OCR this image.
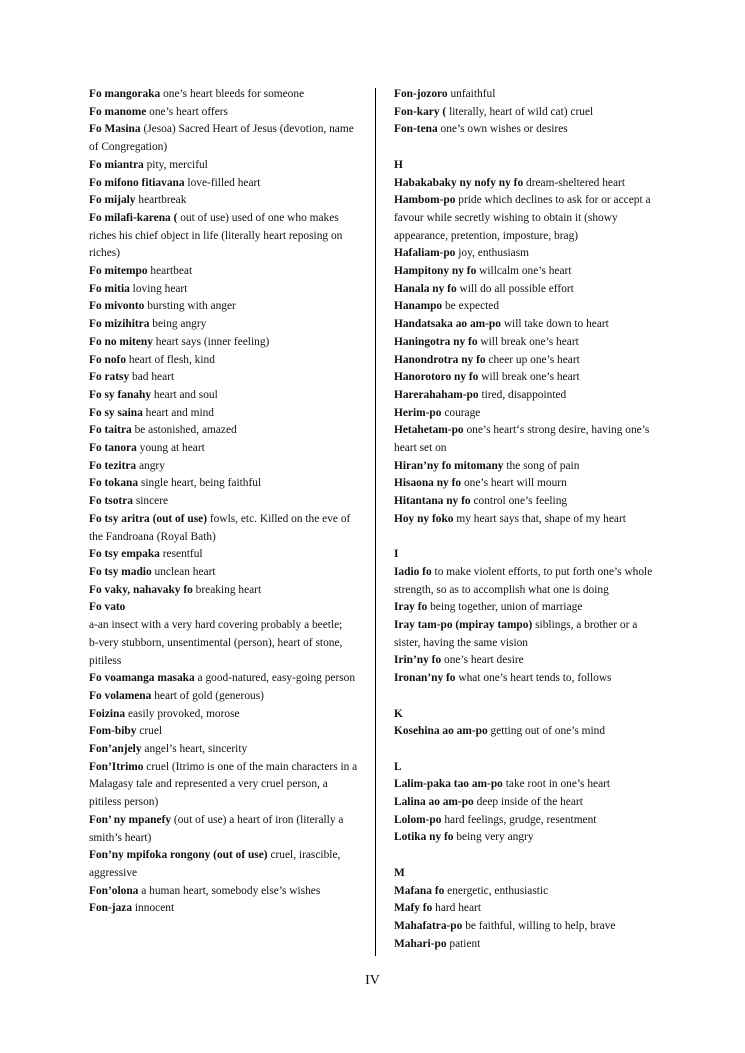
Fo mangoraka one’s heart bleeds for someone

Fo manome one’s heart offers

Fo Masina (Jesoa) Sacred Heart of Jesus (devotion, name of Congregation)

Fo miantra pity, merciful

Fo mifono fitiavana love-filled heart

Fo mijaly heartbreak

Fo milafi-karena ( out of use) used of one who makes riches his chief object in life (literally heart reposing on riches)

Fo mitempo heartbeat

Fo mitia loving heart

Fo mivonto bursting with anger

Fo mizihitra being angry

Fo no miteny heart says (inner feeling)

Fo nofo heart of flesh, kind

Fo ratsy bad heart

Fo sy fanahy heart and soul

Fo sy saina heart and mind

Fo taitra be astonished, amazed

Fo tanora young at heart

Fo tezitra angry

Fo tokana single heart, being faithful

Fo tsotra sincere

Fo tsy aritra (out of use) fowls, etc. Killed on the eve of the Fandroana (Royal Bath)

Fo tsy empaka resentful

Fo tsy madio unclean heart

Fo vaky, nahavaky fo breaking heart

Fo vato

a-an insect with a very hard covering probably a beetle;

b-very stubborn, unsentimental (person), heart of stone, pitiless

Fo voamanga masaka a good-natured, easy-going person

Fo volamena heart of gold (generous)

Foizina easily provoked, morose

Fom-biby cruel

Fon’anjely angel’s heart, sincerity

Fon’Itrimo cruel (Itrimo is one of the main characters in a Malagasy tale and represented a very cruel person, a pitiless person)

Fon’ ny mpanefy (out of use) a heart of iron (literally a smith’s heart)

Fon’ny mpifoka rongony (out of use) cruel, irascible, aggressive

Fon’olona a human heart, somebody else’s wishes

Fon-jaza innocent

Fon-jozoro unfaithful

Fon-kary ( literally, heart of wild cat) cruel

Fon-tena one’s own wishes or desires

H

Habakabaky ny nofy ny fo dream-sheltered heart

Hambom-po pride which declines to ask for or accept a favour while secretly wishing to obtain it (showy appearance, pretention, imposture, brag)

Hafaliam-po joy, enthusiasm

Hampitony ny fo willcalm one’s heart

Hanala ny fo will do all possible effort

Hanampo be expected

Handatsaka ao am-po will take down to heart

Haningotra ny fo will break one’s heart

Hanondrotra ny fo cheer up one’s heart

Hanorotoro ny fo will break one’s heart

Harerahaham-po tired, disappointed

Herim-po courage

Hetahetam-po one’s heart‘s strong desire, having one’s heart set on

Hiran’ny fo mitomany the song of pain

Hisaona ny fo one’s heart will mourn

Hitantana ny fo control one’s feeling

Hoy ny foko my heart says that, shape of my heart

I

Iadio fo to make violent efforts, to put forth one’s whole strength, so as to accomplish what one is doing

Iray fo being together, union of marriage

Iray tam-po (mpiray tampo) siblings, a brother or a sister, having the same vision

Irin’ny fo one’s heart desire

Ironan’ny fo what one’s heart tends to, follows

K

Kosehina ao am-po getting out of one’s mind

L

Lalim-paka tao am-po take root in one’s heart

Lalina ao am-po deep inside of the heart

Lolom-po hard feelings, grudge, resentment

Lotika ny fo being very angry

M

Mafana fo energetic, enthusiastic

Mafy fo hard heart

Mahafatra-po be faithful, willing to help, brave

Mahari-po patient

IV
